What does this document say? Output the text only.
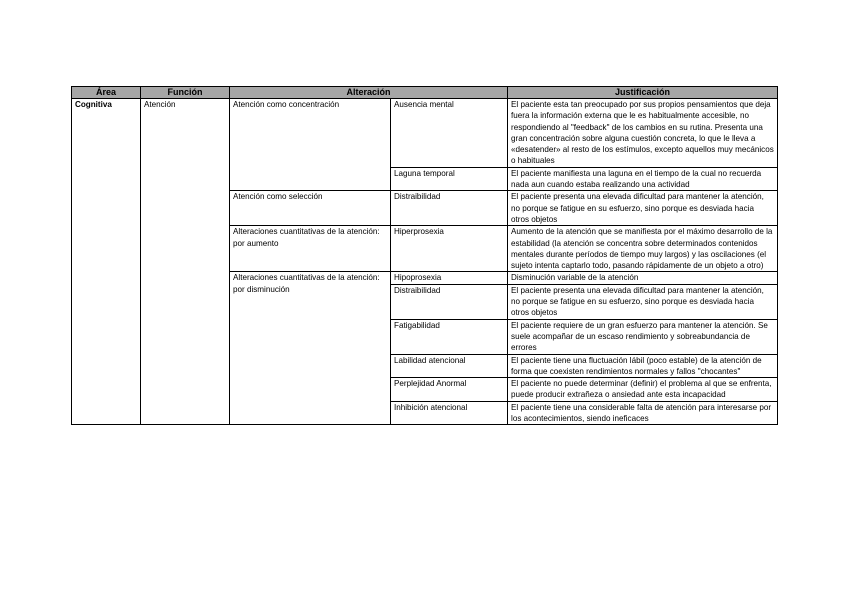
Área	Función	Alteración		Justificación
Cognitiva	Atención	Atención como concentración	Ausencia mental	El paciente esta tan preocupado por sus propios pensamientos que deja fuera la información externa que le es habitualmente accesible, no respondiendo al "feedback" de los cambios en su rutina. Presenta una gran concentración sobre alguna cuestión concreta, lo que le lleva a «desatender» al resto de los estímulos, excepto aquellos muy mecánicos o habituales
			Laguna temporal	El paciente manifiesta una laguna en el tiempo de la cual no recuerda nada aun cuando estaba realizando una actividad
		Atención como selección	Distraibilidad	El paciente presenta una elevada dificultad para mantener la atención, no porque se fatigue en su esfuerzo, sino porque es desviada hacia otros objetos
		Alteraciones cuantitativas de la atención: por aumento	Hiperprosexia	Aumento de la atención que se manifiesta por el máximo desarrollo de la estabilidad (la atención se concentra sobre determinados contenidos mentales durante períodos de tiempo muy largos) y las oscilaciones (el sujeto intenta captarlo todo, pasando rápidamente de un objeto a otro)
		Alteraciones cuantitativas de la atención: por disminución	Hipoprosexia	Disminución variable de la atención
			Distraibilidad	El paciente presenta una elevada dificultad para mantener la atención, no porque se fatigue en su esfuerzo, sino porque es desviada hacia otros objetos
			Fatigabilidad	El paciente requiere de un gran esfuerzo para mantener la atención. Se suele acompañar de un escaso rendimiento y sobreabundancia de errores
			Labilidad atencional	El paciente tiene una fluctuación lábil (poco estable) de la atención de forma que coexisten rendimientos normales y fallos "chocantes"
			Perplejidad Anormal	El paciente no puede determinar (definir) el problema al que se enfrenta, puede producir extrañeza o ansiedad ante esta incapacidad
			Inhibición atencional	El paciente tiene una considerable falta de atención para interesarse por los acontecimientos, siendo ineficaces
